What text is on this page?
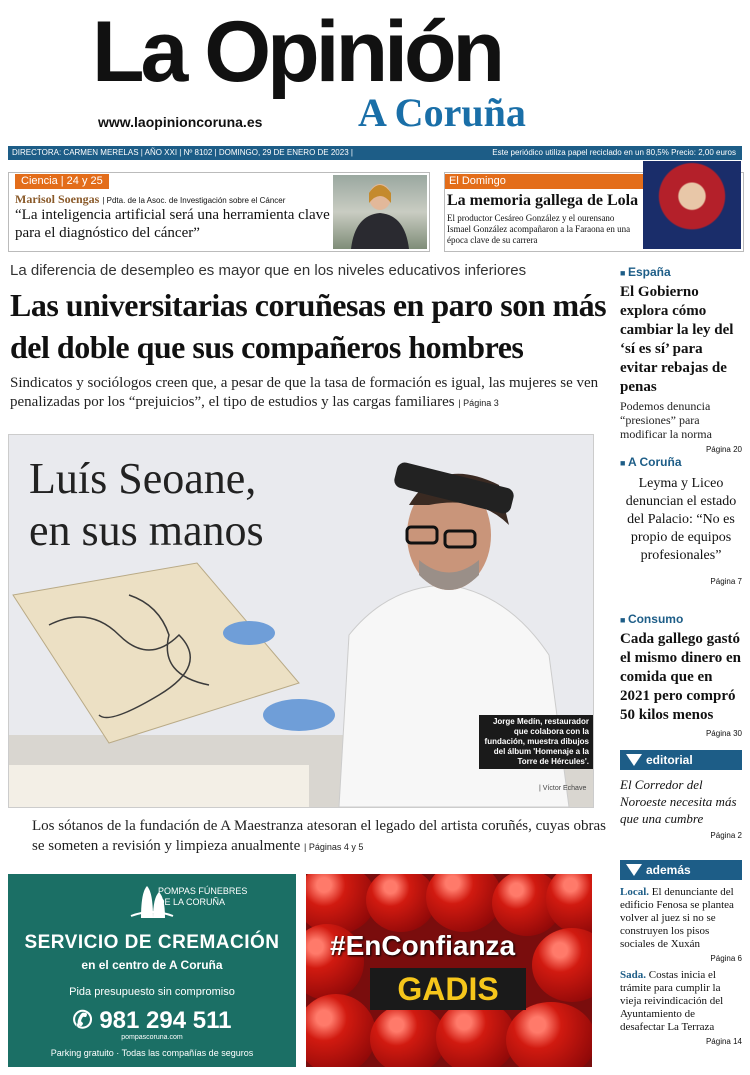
La Opinión
A Coruña
www.laopinioncoruna.es
DIRECTORA: CARMEN MERELAS | AÑO XXI | Nº 8102 | DOMINGO, 29 DE ENERO DE 2023 |	Este periódico utiliza papel reciclado en un 80,5% Precio: 2,00 euros
Ciencia | 24 y 25
Marisol Soengas | Pdta. de la Asoc. de Investigación sobre el Cáncer
“La inteligencia artificial será una herramienta clave para el diagnóstico del cáncer”
El Domingo
La memoria gallega de Lola
El productor Cesáreo González y el ourensano Ismael González acompañaron a la Faraona en una época clave de su carrera
La diferencia de desempleo es mayor que en los niveles educativos inferiores
Las universitarias coruñesas en paro son más del doble que sus compañeros hombres
Sindicatos y sociólogos creen que, a pesar de que la tasa de formación es igual, las mujeres se ven penalizadas por los “prejuicios”, el tipo de estudios y las cargas familiares | Página 3
Luís Seoane,
en sus manos
Jorge Medín, restaurador que colabora con la fundación, muestra dibujos del álbum 'Homenaje a la Torre de Hércules'.
| Víctor Echave
Los sótanos de la fundación de A Maestranza atesoran el legado del artista coruñés, cuyas obras se someten a revisión y limpieza anualmente | Páginas 4 y 5
■ España
El Gobierno explora cómo cambiar la ley del ‘sí es sí’ para evitar rebajas de penas
Podemos denuncia “presiones” para modificar la norma
Página 20
■ A Coruña
Leyma y Liceo denuncian el estado del Palacio: “No es propio de equipos profesionales”
Página 7
■ Consumo
Cada gallego gastó el mismo dinero en comida que en 2021 pero compró 50 kilos menos
Página 30
editorial
El Corredor del Noroeste necesita más que una cumbre
Página 2
además
Local. El denunciante del edificio Fenosa se plantea volver al juez si no se construyen los pisos sociales de Xuxán
Página 6
Sada. Costas inicia el trámite para cumplir la vieja reivindicación del Ayuntamiento de desafectar La Terraza
Página 14
POMPAS FÚNEBRES
DE LA CORUÑA
SERVICIO DE CREMACIÓN
en el centro de A Coruña
Pida presupuesto sin compromiso
✆ 981 294 511
pompascoruna.com
Parking gratuito · Todas las compañías de seguros
#EnConfianza
GADIS
